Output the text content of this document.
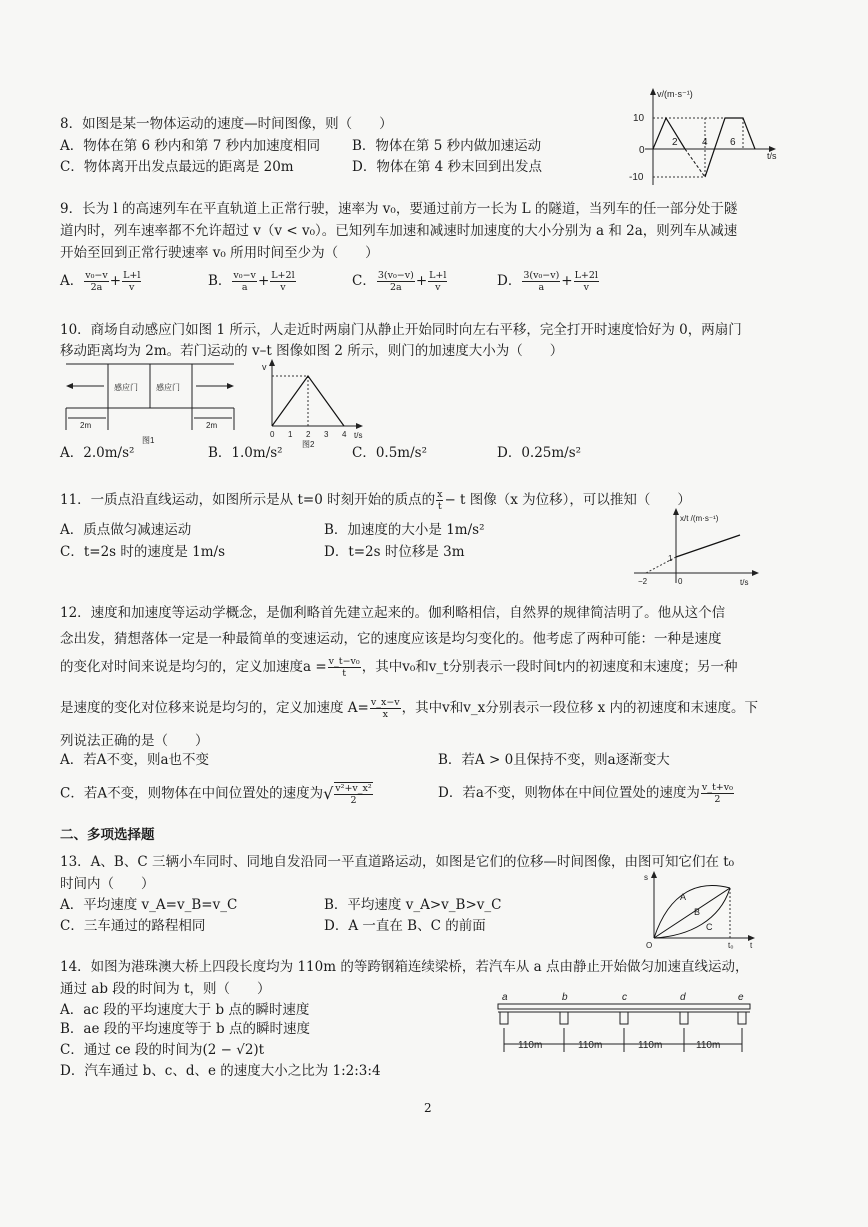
8．如图是某一物体运动的速度—时间图像，则（　　）
A．物体在第 6 秒内和第 7 秒内加速度相同 B．物体在第 5 秒内做加速运动
C．物体离开出发点最远的距离是 20m	D．物体在第 4 秒末回到出发点
v/(m·s⁻¹)
t/s
10
0
-10
2 4 6
9．长为 l 的高速列车在平直轨道上正常行驶，速率为 v₀，要通过前方一长为 L 的隧道，当列车的任一部分处于隧
道内时，列车速率都不允许超过 v（v < v₀）。已知列车加速和减速时加速度的大小分别为 a 和 2a，则列车从减速
开始至回到正常行驶速率 v₀ 所用时间至少为（　　）
A． $\frac{\text{v₀−v}}{2a} + \frac{L+l}{v}$	B． $\frac{\text{v₀−v}}{a} + \frac{L+2l}{v}$	C． $\frac{\text{3(v₀−v)}}{2a} + \frac{L+l}{v}$	D． $\frac{\text{3(v₀−v)}}{a} + \frac{L+2l}{v}$
10．商场自动感应门如图 1 所示，人走近时两扇门从静止开始同时向左右平移，完全打开时速度恰好为 0，两扇门
移动距离均为 2m。若门运动的 v–t 图像如图 2 所示，则门的加速度大小为（　　）
感应门 感应门
2m	2m
图1
v
t/s
0 1 2 3 4
图2
A．2.0m/s²	B．1.0m/s²	C．0.5m/s²	D．0.25m/s²
11．一质点沿直线运动，如图所示是从 t=0 时刻开始的质点的 $\frac{x}{t} - t$ 图像（x 为位移），可以推知（　　）
A．质点做匀减速运动	B．加速度的大小是 1m/s²
C．t=2s 时的速度是 1m/s	D．t=2s 时位移是 3m
x/t /(m·s⁻¹)
t/s
1
−2	0
12．速度和加速度等运动学概念，是伽利略首先建立起来的。伽利略相信，自然界的规律简洁明了。他从这个信
念出发，猜想落体一定是一种最简单的变速运动，它的速度应该是均匀变化的。他考虑了两种可能：一种是速度
的变化对时间来说是均匀的，定义加速度$a = \frac{\text{v\_t−v₀}}{t}$ ，其中v₀和v_t分别表示一段时间t内的初速度和末速度；另一种
是速度的变化对位移来说是均匀的，定义加速度 $A= \frac{v\_x-v}{x}$ ，其中v和v_x分别表示一段位移 x 内的初速度和末速度。下
列说法正确的是（　　）
A．若A不变，则a也不变	B．若A > 0且保持不变，则a逐渐变大
C．若A不变，则物体在中间位置处的速度为√ $\frac{\text{v²+v\_x²}}{2}$	D．若a不变，则物体在中间位置处的速度为 $\frac{\text{v\_t+v₀}}{2}$
二、多项选择题
13．A、B、C 三辆小车同时、同地自发沿同一平直道路运动，如图是它们的位移—时间图像，由图可知它们在 t₀
时间内（　　）
A．平均速度 v_A=v_B=v_C	B．平均速度 v_A>v_B>v_C
C．三车通过的路程相同	D．A 一直在 B、C 的前面
s
t
O	t₀
A
B
C
14．如图为港珠澳大桥上四段长度均为 110m 的等跨钢箱连续梁桥，若汽车从 a 点由静止开始做匀加速直线运动，
通过 ab 段的时间为 t，则（　　）
A．ac 段的平均速度大于 b 点的瞬时速度
B．ae 段的平均速度等于 b 点的瞬时速度
C．通过 ce 段的时间为(2 − √2)t
D．汽车通过 b、c、d、e 的速度大小之比为 1:2:3:4
a	b	c	d	e
110m	110m	110m	110m
2
